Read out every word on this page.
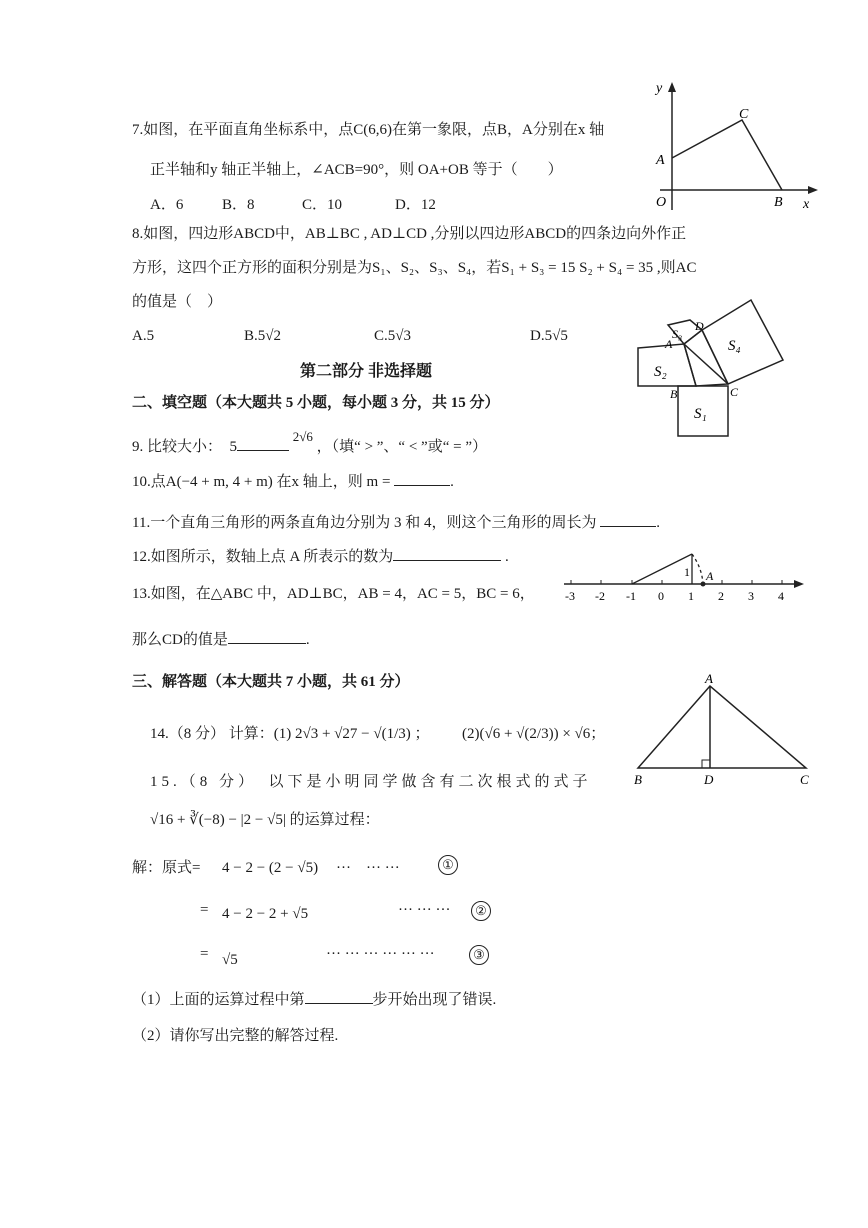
7.如图，在平面直角坐标系中，点C(6,6)在第一象限，点B，A分别在x 轴
正半轴和y 轴正半轴上，∠ACB=90°，则 OA+OB 等于（　　）
A．6	B．8	C．10	D．12
y
x
O
A
B
C
8.如图，四边形ABCD中，AB⊥BC , AD⊥CD ,分别以四边形ABCD的四条边向外作正
方形，这四个正方形的面积分别是为S₁、S₂、S₃、S₄，若S₁ + S₃ = 15 S₂ + S₄ = 35 ,则AC
的值是（　）
A.5	B.5√2	C.5√3	D.5√5	S₃
S₄
S₂
S₁
A
B	C
D
第二部分 非选择题
二、填空题（本大题共 5 小题，每小题 3 分，共 15 分）
9. 比较大小：　5 2√6 ，（填“ > ”、“ < ”或“ = ”）
10.点A(−4 + m, 4 + m) 在x 轴上，则 m =	.
11.一个直角三角形的两条直角边分别为 3 和 4，则这个三角形的周长为	.
12.如图所示，数轴上点 A 所表示的数为	.
13.如图，在△ABC 中，AD⊥BC，AB = 4，AC = 5，BC = 6，
那么CD的值是	.
-3 -2 -1 0 1 2 3 4
A
1
三、解答题（本大题共 7 小题，共 61 分）
14.（8 分） 计算：(1) 2√3 + √27 − √(1/3) ； (2)(√6 + √(2/3)) × √6；
A
B	C
D
15.（8 分）　以下是小明同学做含有二次根式的式子
√16 + ∛(−8) − |2 − √5| 的运算过程：
解：原式= 4 − 2 − (2 − √5) ···　··· ···	①
= 4 − 2 − 2 + √5	··· ··· ···	②
= √5	··· ··· ··· ··· ··· ···	③
（1）上面的运算过程中第	步开始出现了错误.
（2）请你写出完整的解答过程.
